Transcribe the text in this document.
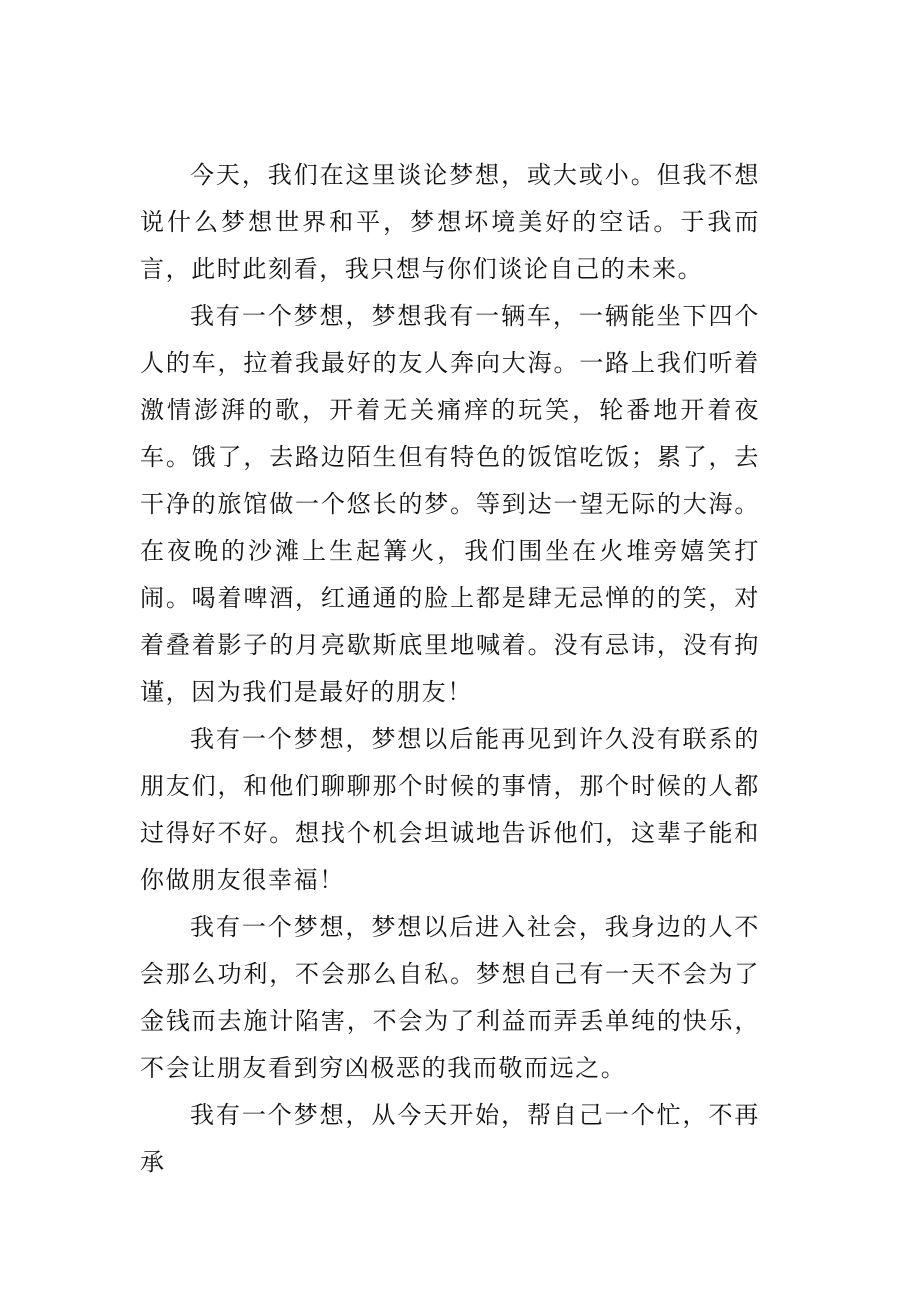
今天，我们在这里谈论梦想，或大或小。但我不想说什么梦想世界和平，梦想坏境美好的空话。于我而言，此时此刻看，我只想与你们谈论自己的未来。

我有一个梦想，梦想我有一辆车，一辆能坐下四个人的车，拉着我最好的友人奔向大海。一路上我们听着激情澎湃的歌，开着无关痛痒的玩笑，轮番地开着夜车。饿了，去路边陌生但有特色的饭馆吃饭；累了，去干净的旅馆做一个悠长的梦。等到达一望无际的大海。在夜晚的沙滩上生起篝火，我们围坐在火堆旁嬉笑打闹。喝着啤酒，红通通的脸上都是肆无忌惮的的笑，对着叠着影子的月亮歇斯底里地喊着。没有忌讳，没有拘谨，因为我们是最好的朋友！

我有一个梦想，梦想以后能再见到许久没有联系的朋友们，和他们聊聊那个时候的事情，那个时候的人都过得好不好。想找个机会坦诚地告诉他们，这辈子能和你做朋友很幸福！

我有一个梦想，梦想以后进入社会，我身边的人不会那么功利，不会那么自私。梦想自己有一天不会为了金钱而去施计陷害，不会为了利益而弄丢单纯的快乐，不会让朋友看到穷凶极恶的我而敬而远之。

我有一个梦想，从今天开始，帮自己一个忙，不再承
